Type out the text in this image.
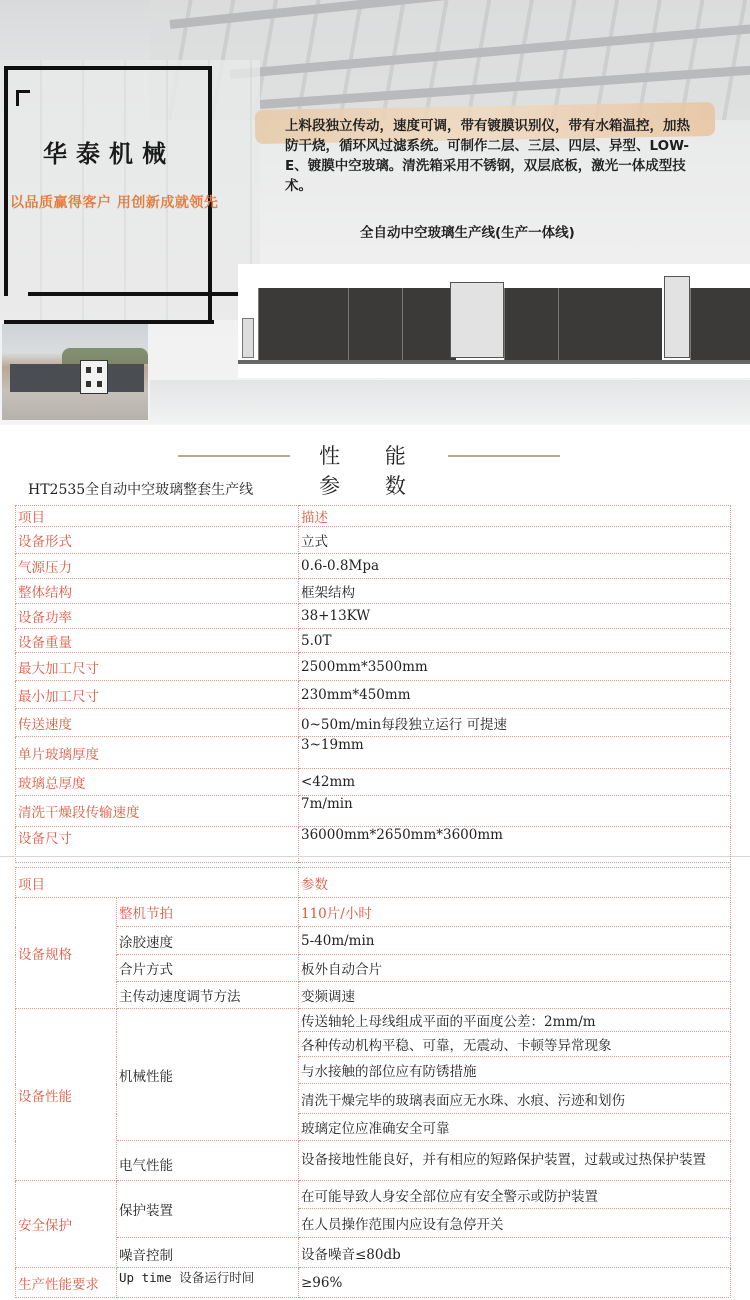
华泰机械
以品质赢得客户 用创新成就领先
上料段独立传动，速度可调，带有镀膜识别仪，带有水箱温控，加热防干烧，循环风过滤系统。可制作二层、三层、四层、异型、LOW-E、镀膜中空玻璃。清洗箱采用不锈钢，双层底板，激光一体成型技术。
全自动中空玻璃生产线(生产一体线)
性 能 参 数
HT2535全自动中空玻璃整套生产线
项目	描述
设备形式	立式
气源压力	0.6-0.8Mpa
整体结构	框架结构
设备功率	38+13KW
设备重量	5.0T
最大加工尺寸	2500mm*3500mm
最小加工尺寸	230mm*450mm
传送速度	0~50m/min每段独立运行 可提速
单片玻璃厚度	3~19mm
玻璃总厚度	<42mm
清洗干燥段传输速度	7m/min
设备尺寸	36000mm*2650mm*3600mm
项目		参数
设备规格	整机节拍	110片/小时
	涂胶速度	5-40m/min
	合片方式	板外自动合片
	主传动速度调节方法	变频调速
设备性能	机械性能	传送轴轮上母线组成平面的平面度公差：2mm/m
		各种传动机构平稳、可靠，无震动、卡顿等异常现象
		与水接触的部位应有防锈措施
		清洗干燥完毕的玻璃表面应无水珠、水痕、污迹和划伤
		玻璃定位应准确安全可靠
	电气性能	设备接地性能良好，并有相应的短路保护装置，过载或过热保护装置
安全保护	保护装置	在可能导致人身安全部位应有安全警示或防护装置
		在人员操作范围内应设有急停开关
	噪音控制	设备噪音≤80db
生产性能要求	Up time 设备运行时间	≥96%
